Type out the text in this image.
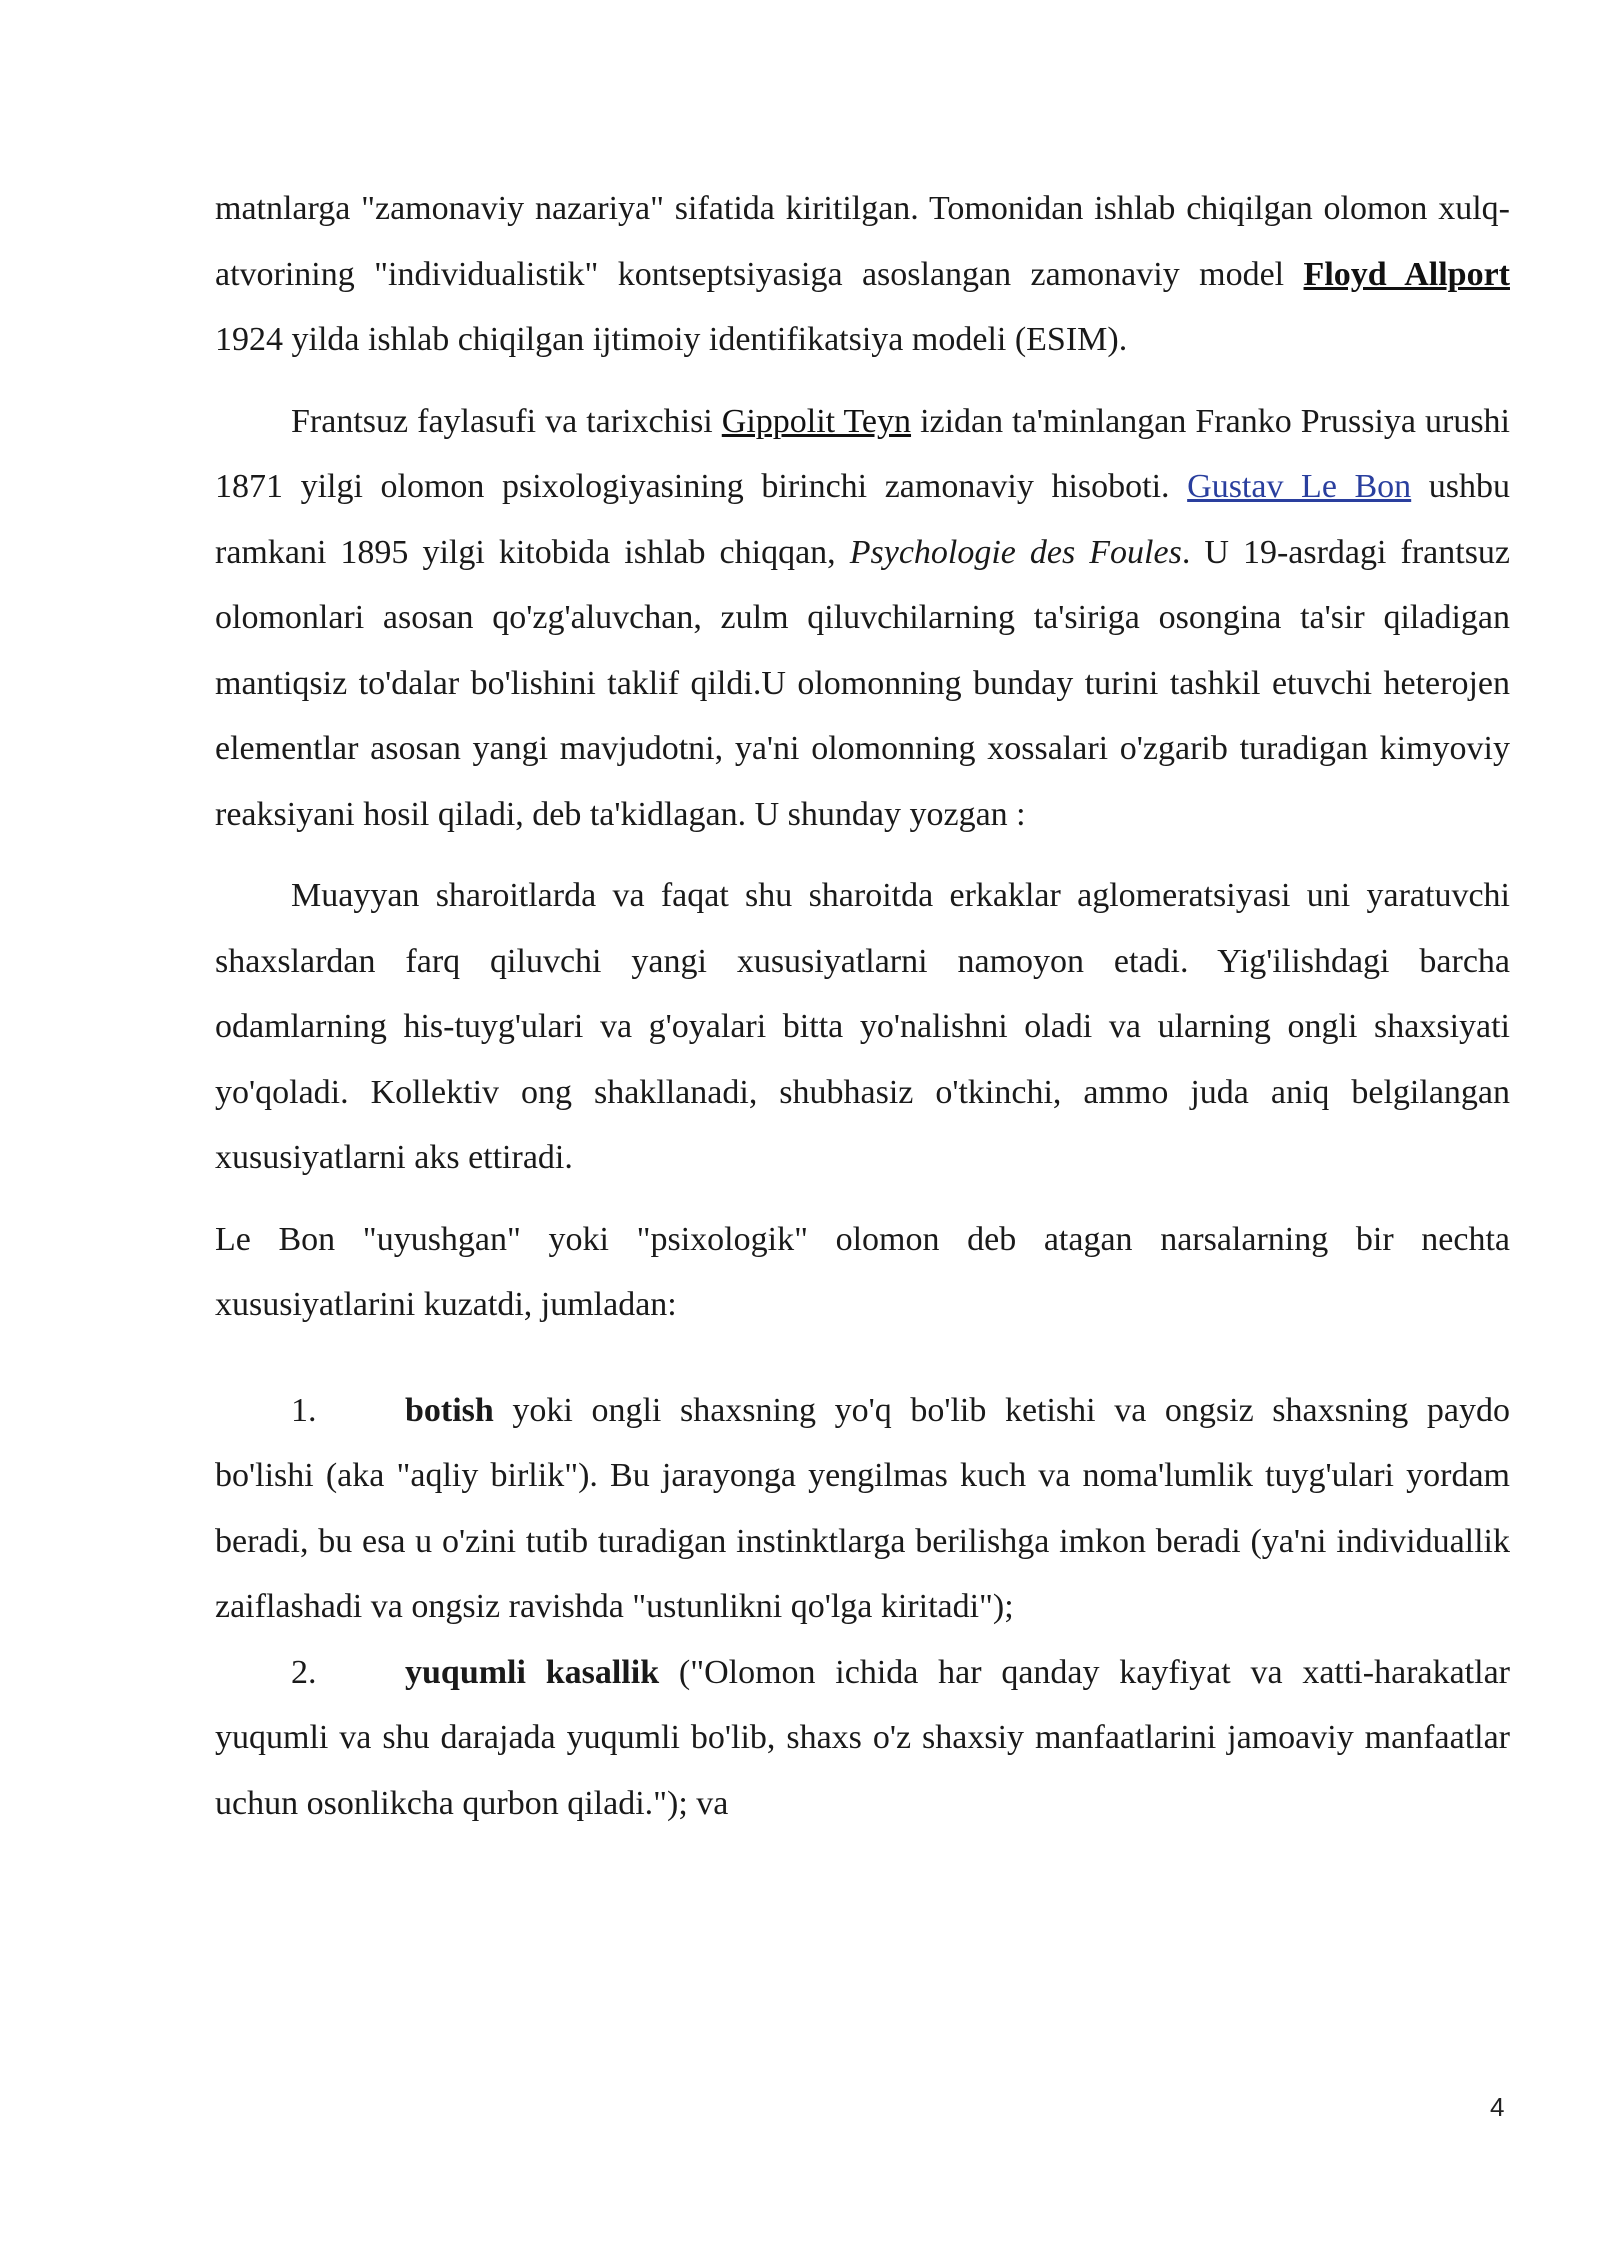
matnlarga "zamonaviy nazariya" sifatida kiritilgan. Tomonidan ishlab chiqilgan olomon xulq-atvorining "individualistik" kontseptsiyasiga asoslangan zamonaviy model Floyd Allport 1924 yilda ishlab chiqilgan ijtimoiy identifikatsiya modeli (ESIM).

Frantsuz faylasufi va tarixchisi Gippolit Teyn izidan ta'minlangan Franko Prussiya urushi 1871 yilgi olomon psixologiyasining birinchi zamonaviy hisoboti. Gustav Le Bon ushbu ramkani 1895 yilgi kitobida ishlab chiqqan, Psychologie des Foules. U 19-asrdagi frantsuz olomonlari asosan qo'zg'aluvchan, zulm qiluvchilarning ta'siriga osongina ta'sir qiladigan mantiqsiz to'dalar bo'lishini taklif qildi.U olomonning bunday turini tashkil etuvchi heterojen elementlar asosan yangi mavjudotni, ya'ni olomonning xossalari o'zgarib turadigan kimyoviy reaksiyani hosil qiladi, deb ta'kidlagan. U shunday yozgan :

Muayyan sharoitlarda va faqat shu sharoitda erkaklar aglomeratsiyasi uni yaratuvchi shaxslardan farq qiluvchi yangi xususiyatlarni namoyon etadi. Yig'ilishdagi barcha odamlarning his-tuyg'ulari va g'oyalari bitta yo'nalishni oladi va ularning ongli shaxsiyati yo'qoladi. Kollektiv ong shakllanadi, shubhasiz o'tkinchi, ammo juda aniq belgilangan xususiyatlarni aks ettiradi.

Le Bon "uyushgan" yoki "psixologik" olomon deb atagan narsalarning bir nechta xususiyatlarini kuzatdi, jumladan:

1.	botish yoki ongli shaxsning yo'q bo'lib ketishi va ongsiz shaxsning paydo bo'lishi (aka "aqliy birlik"). Bu jarayonga yengilmas kuch va noma'lumlik tuyg'ulari yordam beradi, bu esa u o'zini tutib turadigan instinktlarga berilishga imkon beradi (ya'ni individuallik zaiflashadi va ongsiz ravishda "ustunlikni qo'lga kiritadi");

2.	yuqumli kasallik ("Olomon ichida har qanday kayfiyat va xatti-harakatlar yuqumli va shu darajada yuqumli bo'lib, shaxs o'z shaxsiy manfaatlarini jamoaviy manfaatlar uchun osonlikcha qurbon qiladi."); va

4
